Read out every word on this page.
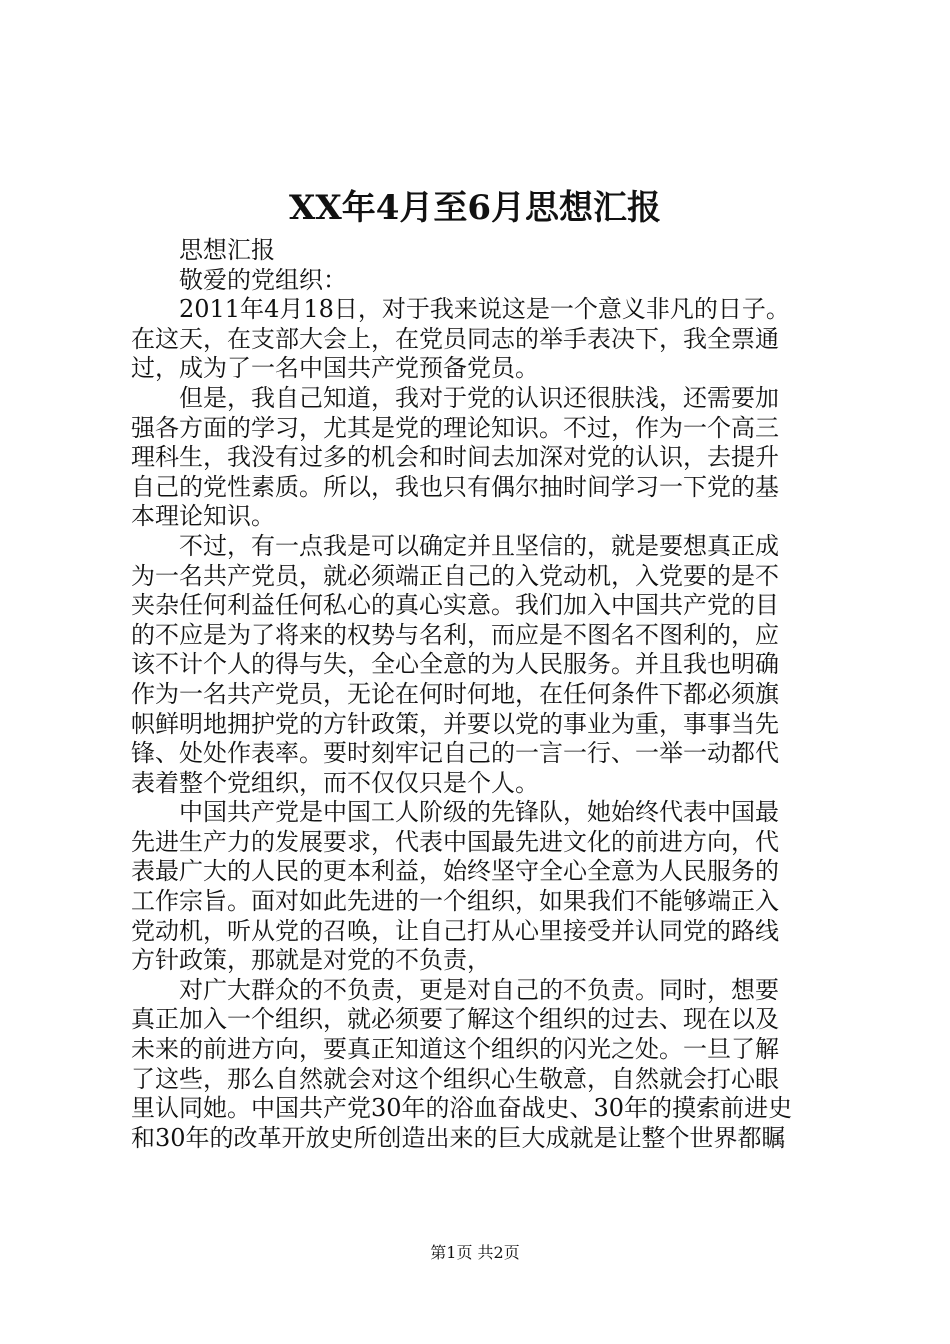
XX年4月至6月思想汇报
　　思想汇报
　　敬爱的党组织：
　　2011年4月18日，对于我来说这是一个意义非凡的日子。
在这天，在支部大会上，在党员同志的举手表决下，我全票通
过，成为了一名中国共产党预备党员。
　　但是，我自己知道，我对于党的认识还很肤浅，还需要加
强各方面的学习，尤其是党的理论知识。不过，作为一个高三
理科生，我没有过多的机会和时间去加深对党的认识，去提升
自己的党性素质。所以，我也只有偶尔抽时间学习一下党的基
本理论知识。
　　不过，有一点我是可以确定并且坚信的，就是要想真正成
为一名共产党员，就必须端正自己的入党动机，入党要的是不
夹杂任何利益任何私心的真心实意。我们加入中国共产党的目
的不应是为了将来的权势与名利，而应是不图名不图利的，应
该不计个人的得与失，全心全意的为人民服务。并且我也明确
作为一名共产党员，无论在何时何地，在任何条件下都必须旗
帜鲜明地拥护党的方针政策，并要以党的事业为重，事事当先
锋、处处作表率。要时刻牢记自己的一言一行、一举一动都代
表着整个党组织，而不仅仅只是个人。
　　中国共产党是中国工人阶级的先锋队，她始终代表中国最
先进生产力的发展要求，代表中国最先进文化的前进方向，代
表最广大的人民的更本利益，始终坚守全心全意为人民服务的
工作宗旨。面对如此先进的一个组织，如果我们不能够端正入
党动机，听从党的召唤，让自己打从心里接受并认同党的路线
方针政策，那就是对党的不负责，
　　对广大群众的不负责，更是对自己的不负责。同时，想要
真正加入一个组织，就必须要了解这个组织的过去、现在以及
未来的前进方向，要真正知道这个组织的闪光之处。一旦了解
了这些，那么自然就会对这个组织心生敬意，自然就会打心眼
里认同她。中国共产党30年的浴血奋战史、30年的摸索前进史
和30年的改革开放史所创造出来的巨大成就是让整个世界都瞩
第1页 共2页
